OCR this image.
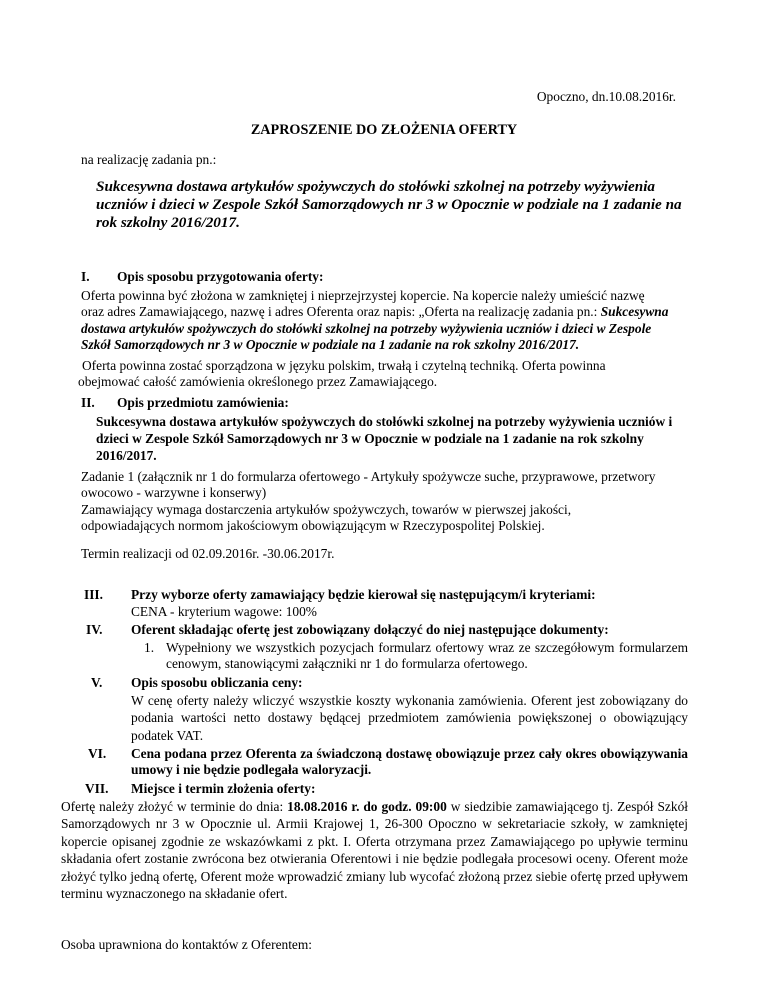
Opoczno, dn.10.08.2016r.
ZAPROSZENIE DO ZŁOŻENIA OFERTY
na realizację zadania pn.:
Sukcesywna dostawa artykułów spożywczych do stołówki szkolnej na potrzeby wyżywienia uczniów i dzieci w Zespole Szkół Samorządowych nr 3 w Opocznie w podziale na 1 zadanie na rok szkolny 2016/2017.
I. Opis sposobu przygotowania oferty:
Oferta powinna być złożona w zamkniętej i nieprzejrzystej kopercie. Na kopercie należy umieścić nazwę oraz adres Zamawiającego, nazwę i adres Oferenta oraz napis: „Oferta na realizację zadania pn.: Sukcesywna dostawa artykułów spożywczych do stołówki szkolnej na potrzeby wyżywienia uczniów i dzieci w Zespole Szkół Samorządowych nr 3 w Opocznie w podziale na 1 zadanie na rok szkolny 2016/2017.
Oferta powinna zostać sporządzona w języku polskim, trwałą i czytelną techniką. Oferta powinna obejmować całość zamówienia określonego przez Zamawiającego.
II. Opis przedmiotu zamówienia:
Sukcesywna dostawa artykułów spożywczych do stołówki szkolnej na potrzeby wyżywienia uczniów i dzieci w Zespole Szkół Samorządowych nr 3 w Opocznie w podziale na 1 zadanie na rok szkolny 2016/2017.
Zadanie 1 (załącznik nr 1 do formularza ofertowego - Artykuły spożywcze suche, przyprawowe, przetwory owocowo - warzywne i konserwy)
Zamawiający wymaga dostarczenia artykułów spożywczych, towarów w pierwszej jakości, odpowiadających normom jakościowym obowiązującym w Rzeczypospolitej Polskiej.
Termin realizacji od 02.09.2016r. -30.06.2017r.
III. Przy wyborze oferty zamawiający będzie kierował się następującym/i kryteriami:
CENA - kryterium wagowe: 100%
IV. Oferent składając ofertę jest zobowiązany dołączyć do niej następujące dokumenty:
1. Wypełniony we wszystkich pozycjach formularz ofertowy wraz ze szczegółowym formularzem cenowym, stanowiącymi załączniki nr 1 do formularza ofertowego.
V. Opis sposobu obliczania ceny:
W cenę oferty należy wliczyć wszystkie koszty wykonania zamówienia. Oferent jest zobowiązany do podania wartości netto dostawy będącej przedmiotem zamówienia powiększonej o obowiązujący podatek VAT.
VI. Cena podana przez Oferenta za świadczoną dostawę obowiązuje przez cały okres obowiązywania umowy i nie będzie podlegała waloryzacji.
VII. Miejsce i termin złożenia oferty:
Ofertę należy złożyć w terminie do dnia: 18.08.2016 r. do godz. 09:00 w siedzibie zamawiającego tj. Zespół Szkół Samorządowych nr 3 w Opocznie ul. Armii Krajowej 1, 26-300 Opoczno w sekretariacie szkoły, w zamkniętej kopercie opisanej zgodnie ze wskazówkami z pkt. I. Oferta otrzymana przez Zamawiającego po upływie terminu składania ofert zostanie zwrócona bez otwierania Oferentowi i nie będzie podlegała procesowi oceny. Oferent może złożyć tylko jedną ofertę, Oferent może wprowadzić zmiany lub wycofać złożoną przez siebie ofertę przed upływem terminu wyznaczonego na składanie ofert.
Osoba uprawniona do kontaktów z Oferentem:
